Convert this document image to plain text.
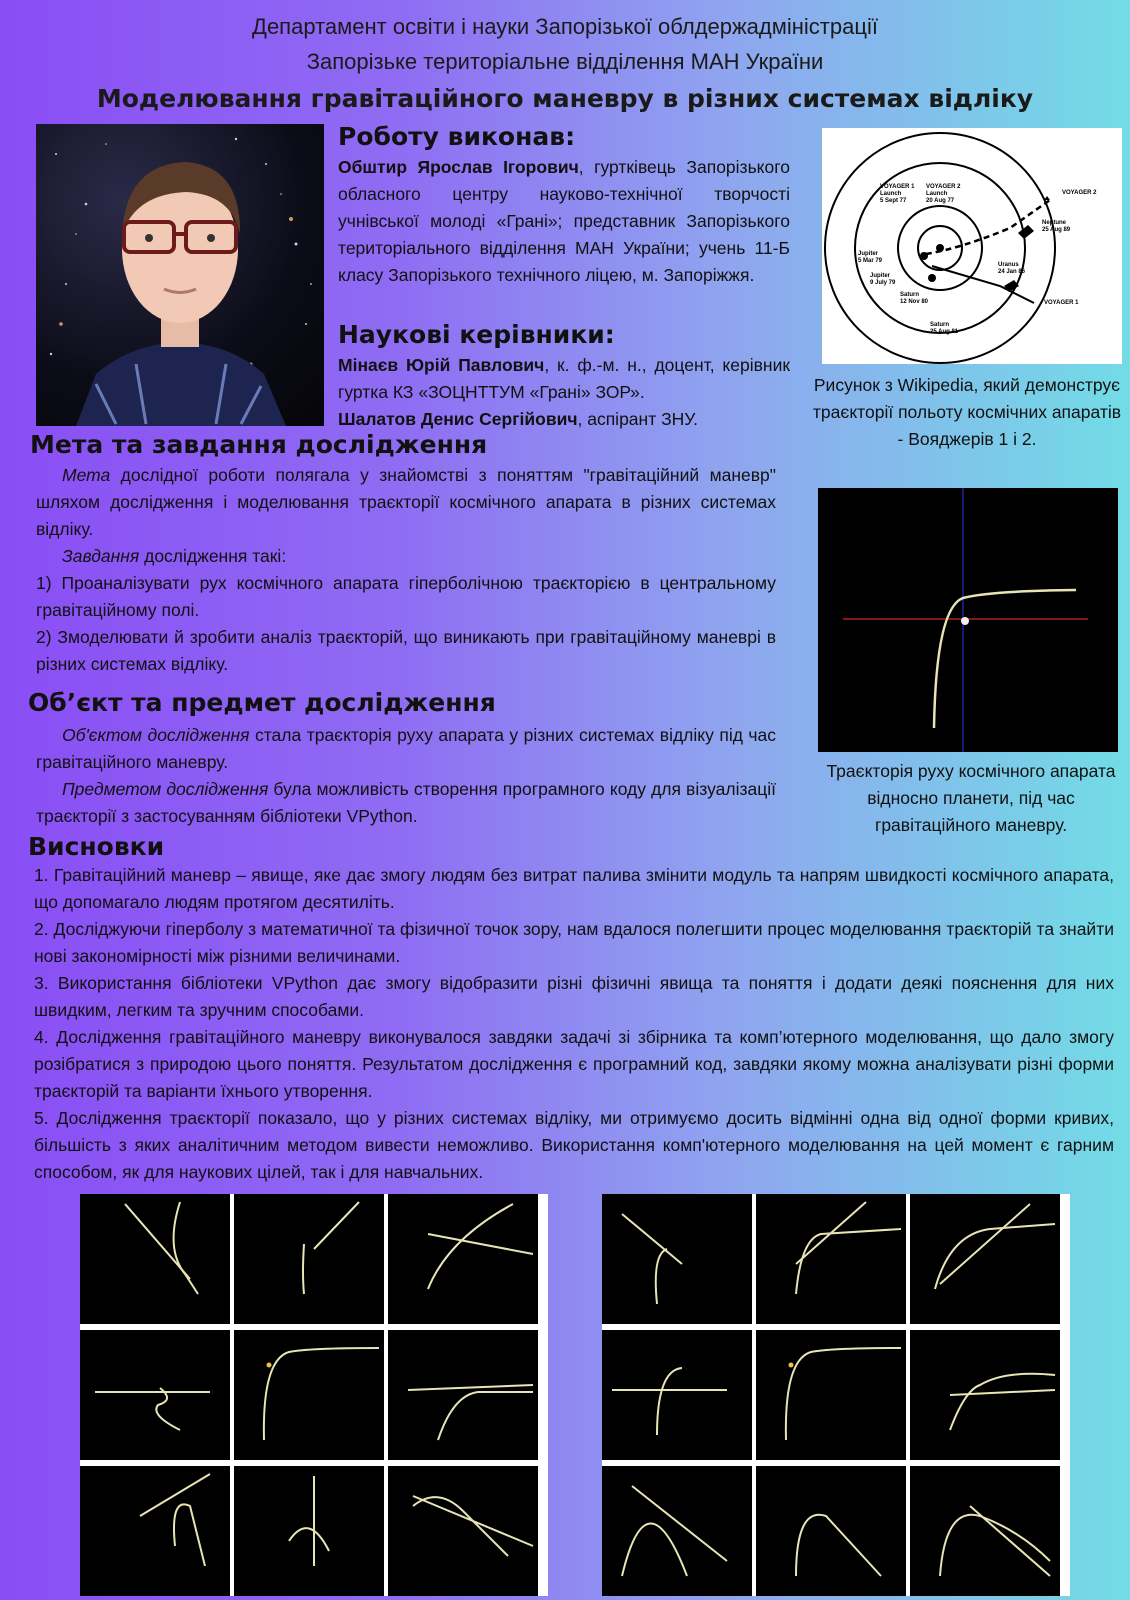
Департамент освіти і науки Запорізької облдержадміністрації
Запорізьке територіальне відділення МАН України
Моделювання гравітаційного маневру в різних системах відліку
Роботу виконав:

Обштир Ярослав Ігорович, гуртківець Запорізького обласного центру науково-технічної творчості учнівської молоді «Грані»; представник Запорізького територіального відділення МАН України; учень 11-Б класу Запорізького технічного ліцею, м. Запоріжжя.

Наукові керівники:

Мінаєв Юрій Павлович, к. ф.-м. н., доцент, керівник гуртка КЗ «ЗОЦНТТУМ «Грані» ЗОР».

Шалатов Денис Сергійович, аспірант ЗНУ.

Мета та завдання дослідження

Мета дослідної роботи полягала у знайомстві з поняттям "гравітаційний маневр" шляхом дослідження і моделювання траєкторії космічного апарата в різних системах відліку.

Завдання дослідження такі:

1) Проаналізувати рух космічного апарата гіперболічною траєкторією в центральному гравітаційному полі.

2) Змоделювати й зробити аналіз траєкторій, що виникають при гравітаційному маневрі в різних системах відліку.

Об’єкт та предмет дослідження

Об'єктом дослідження стала траєкторія руху апарата у різних системах відліку під час гравітаційного маневру.

Предметом дослідження була можливість створення програмного коду для візуалізації траєкторії з застосуванням бібліотеки VPython.

Висновки

1. Гравітаційний маневр – явище, яке дає змогу людям без витрат палива змінити модуль та напрям швидкості космічного апарата, що допомагало людям протягом десятиліть.

2. Досліджуючи гіперболу з математичної та фізичної точок зору, нам вдалося полегшити процес моделювання траєкторій та знайти нові закономірності між різними величинами.

3. Використання бібліотеки VPython дає змогу відобразити різні фізичні явища та поняття і додати деякі пояснення для них швидким, легким та зручним способами.

4. Дослідження гравітаційного маневру виконувалося завдяки задачі зі збірника та комп’ютерного моделювання, що дало змогу розібратися з природою цього поняття. Результатом дослідження є програмний код, завдяки якому можна аналізувати різні форми траєкторій та варіанти їхнього утворення.

5. Дослідження траєкторії показало, що у різних системах відліку, ми отримуємо досить відмінні одна від одної форми кривих, більшість з яких аналітичним методом вивести неможливо. Використання комп'ютерного моделювання на цей момент є гарним способом, як для наукових цілей, так і для навчальних.

VOYAGER 1
Launch
5 Sept 77
VOYAGER 2
Launch
20 Aug 77
VOYAGER 2
VOYAGER 1
Neptune
25 Aug 89
Uranus
24 Jan 86
Jupiter
5 Mar 79
Jupiter
9 July 79
Saturn
12 Nov 80
Saturn
25 Aug 81
Рисунок з Wikipedia, який демонструє траєкторії польоту космічних апаратів - Вояджерів 1 і 2.
Траєкторія руху космічного апарата відносно планети, під час гравітаційного маневру.
